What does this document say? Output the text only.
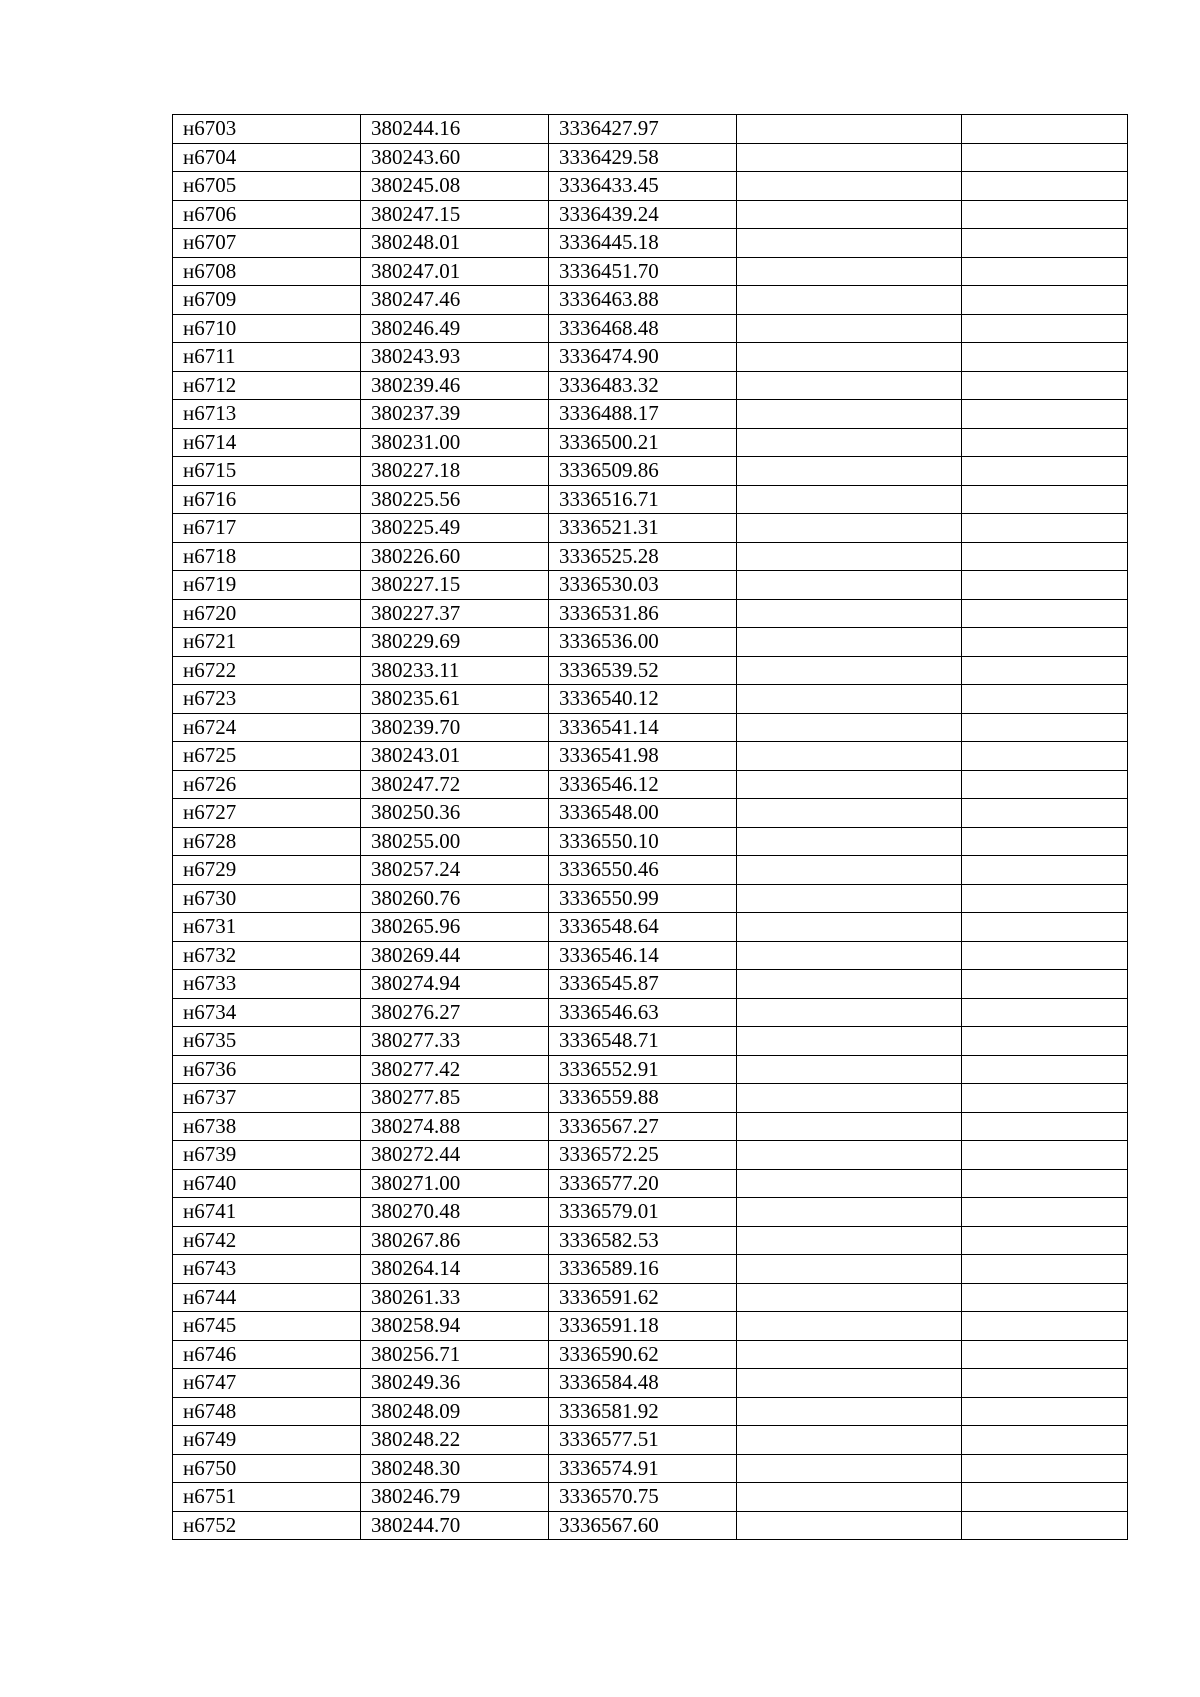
н6703	380244.16	3336427.97		
н6704	380243.60	3336429.58		
н6705	380245.08	3336433.45		
н6706	380247.15	3336439.24		
н6707	380248.01	3336445.18		
н6708	380247.01	3336451.70		
н6709	380247.46	3336463.88		
н6710	380246.49	3336468.48		
н6711	380243.93	3336474.90		
н6712	380239.46	3336483.32		
н6713	380237.39	3336488.17		
н6714	380231.00	3336500.21		
н6715	380227.18	3336509.86		
н6716	380225.56	3336516.71		
н6717	380225.49	3336521.31		
н6718	380226.60	3336525.28		
н6719	380227.15	3336530.03		
н6720	380227.37	3336531.86		
н6721	380229.69	3336536.00		
н6722	380233.11	3336539.52		
н6723	380235.61	3336540.12		
н6724	380239.70	3336541.14		
н6725	380243.01	3336541.98		
н6726	380247.72	3336546.12		
н6727	380250.36	3336548.00		
н6728	380255.00	3336550.10		
н6729	380257.24	3336550.46		
н6730	380260.76	3336550.99		
н6731	380265.96	3336548.64		
н6732	380269.44	3336546.14		
н6733	380274.94	3336545.87		
н6734	380276.27	3336546.63		
н6735	380277.33	3336548.71		
н6736	380277.42	3336552.91		
н6737	380277.85	3336559.88		
н6738	380274.88	3336567.27		
н6739	380272.44	3336572.25		
н6740	380271.00	3336577.20		
н6741	380270.48	3336579.01		
н6742	380267.86	3336582.53		
н6743	380264.14	3336589.16		
н6744	380261.33	3336591.62		
н6745	380258.94	3336591.18		
н6746	380256.71	3336590.62		
н6747	380249.36	3336584.48		
н6748	380248.09	3336581.92		
н6749	380248.22	3336577.51		
н6750	380248.30	3336574.91		
н6751	380246.79	3336570.75		
н6752	380244.70	3336567.60		
